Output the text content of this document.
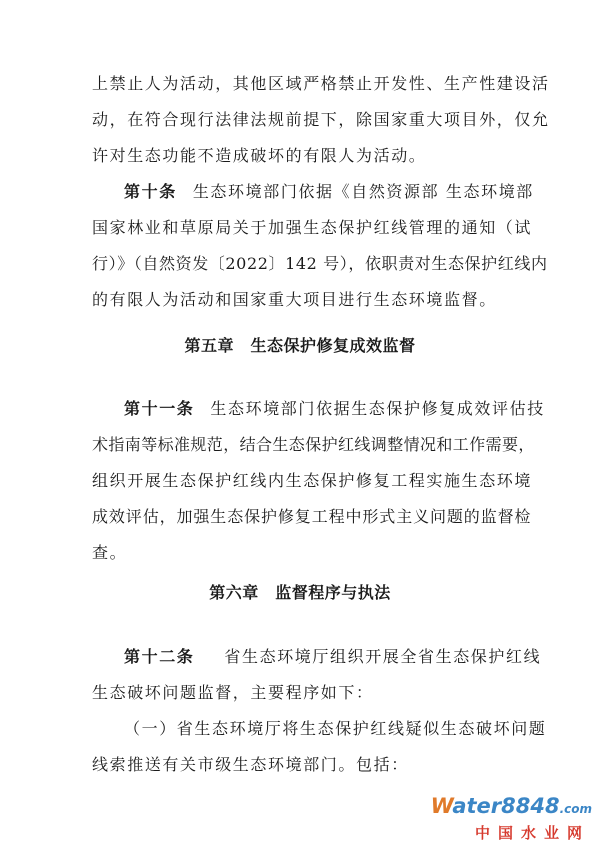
上禁止人为活动，其他区域严格禁止开发性、生产性建设活
动，在符合现行法律法规前提下，除国家重大项目外，仅允
许对生态功能不造成破坏的有限人为活动。
第十条 生态环境部门依据《自然资源部 生态环境部
国家林业和草原局关于加强生态保护红线管理的通知（试
行）》（自然资发〔2022〕142 号），依职责对生态保护红线内
的有限人为活动和国家重大项目进行生态环境监督。
第五章　生态保护修复成效监督
第十一条 生态环境部门依据生态保护修复成效评估技
术指南等标准规范，结合生态保护红线调整情况和工作需要，
组织开展生态保护红线内生态保护修复工程实施生态环境
成效评估，加强生态保护修复工程中形式主义问题的监督检
查。
第六章　监督程序与执法
第十二条 省生态环境厅组织开展全省生态保护红线
生态破坏问题监督，主要程序如下：
（一）省生态环境厅将生态保护红线疑似生态破坏问题
线索推送有关市级生态环境部门。包括：
Water8848.com
中国水业网
